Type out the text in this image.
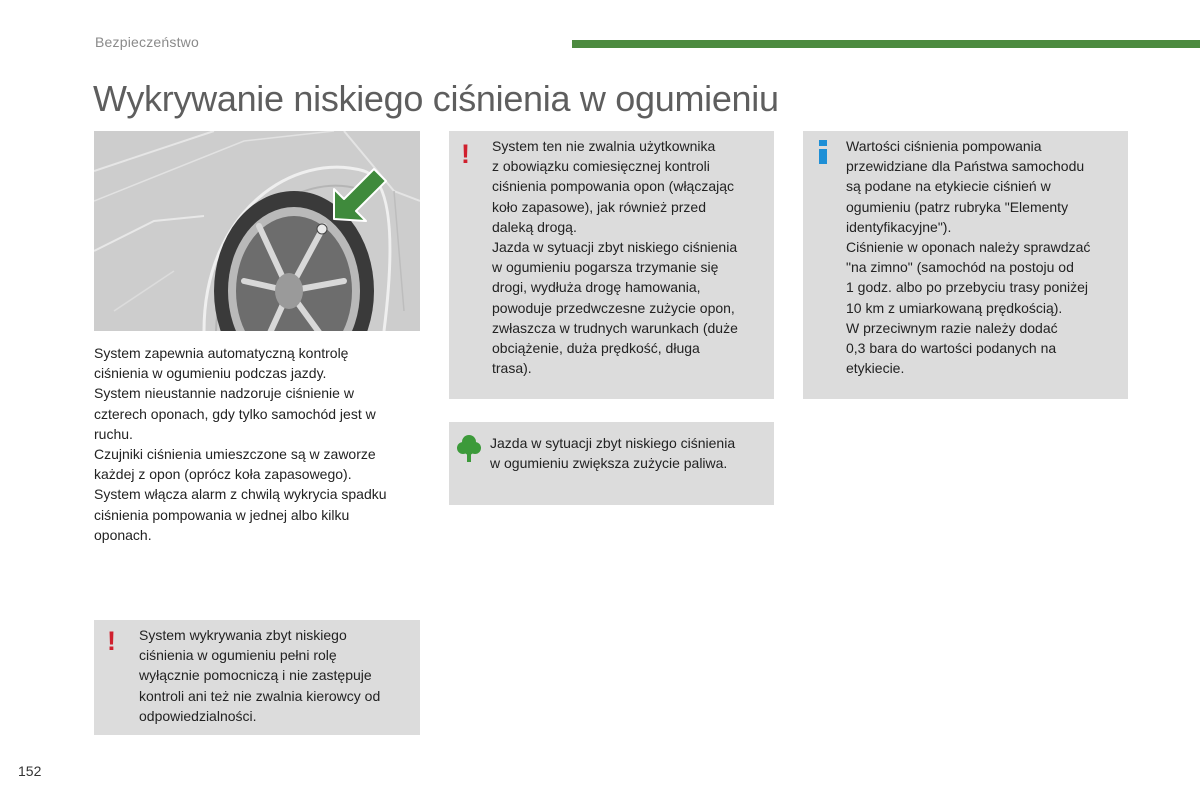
Bezpieczeństwo
Wykrywanie niskiego ciśnienia w ogumieniu

System zapewnia automatyczną kontrolę

ciśnienia w ogumieniu podczas jazdy.

System nieustannie nadzoruje ciśnienie w

czterech oponach, gdy tylko samochód jest w

ruchu.

Czujniki ciśnienia umieszczone są w zaworze

każdej z opon (oprócz koła zapasowego).

System włącza alarm z chwilą wykrycia spadku

ciśnienia pompowania w jednej albo kilku

oponach.

! System wykrywania zbyt niskiego

ciśnienia w ogumieniu pełni rolę

wyłącznie pomocniczą i nie zastępuje

kontroli ani też nie zwalnia kierowcy od

odpowiedzialności.

! System ten nie zwalnia użytkownika

z obowiązku comiesięcznej kontroli

ciśnienia pompowania opon (włączając

koło zapasowe), jak również przed

daleką drogą.

Jazda w sytuacji zbyt niskiego ciśnienia

w ogumieniu pogarsza trzymanie się

drogi, wydłuża drogę hamowania,

powoduje przedwczesne zużycie opon,

zwłaszcza w trudnych warunkach (duże

obciążenie, duża prędkość, długa

trasa).

Wartości ciśnienia pompowania

przewidziane dla Państwa samochodu

są podane na etykiecie ciśnień w

ogumieniu (patrz rubryka "Elementy

identyfikacyjne").

Ciśnienie w oponach należy sprawdzać

"na zimno" (samochód na postoju od

1 godz. albo po przebyciu trasy poniżej

10 km z umiarkowaną prędkością).

W przeciwnym razie należy dodać

0,3 bara do wartości podanych na

etykiecie.

Jazda w sytuacji zbyt niskiego ciśnienia

w ogumieniu zwiększa zużycie paliwa.

152
